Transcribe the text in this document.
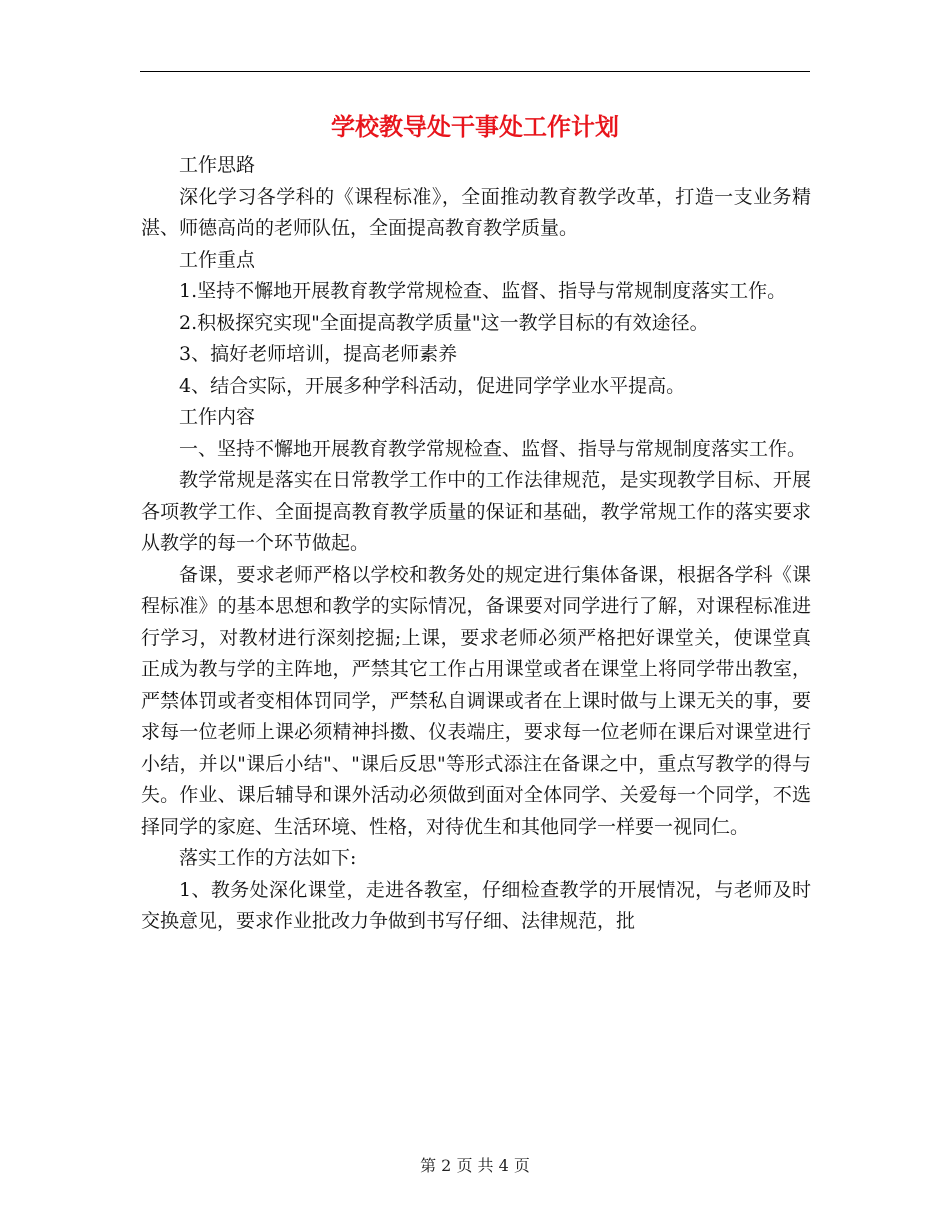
学校教导处干事处工作计划

工作思路

深化学习各学科的《课程标准》，全面推动教育教学改革，打造一支业务精湛、师德高尚的老师队伍，全面提高教育教学质量。

工作重点

1.坚持不懈地开展教育教学常规检查、监督、指导与常规制度落实工作。

2.积极探究实现"全面提高教学质量"这一教学目标的有效途径。

3、搞好老师培训，提高老师素养

4、结合实际，开展多种学科活动，促进同学学业水平提高。

工作内容

一、坚持不懈地开展教育教学常规检查、监督、指导与常规制度落实工作。

教学常规是落实在日常教学工作中的工作法律规范，是实现教学目标、开展各项教学工作、全面提高教育教学质量的保证和基础，教学常规工作的落实要求从教学的每一个环节做起。

备课，要求老师严格以学校和教务处的规定进行集体备课，根据各学科《课程标准》的基本思想和教学的实际情况，备课要对同学进行了解，对课程标准进行学习，对教材进行深刻挖掘;上课，要求老师必须严格把好课堂关，使课堂真正成为教与学的主阵地，严禁其它工作占用课堂或者在课堂上将同学带出教室，严禁体罚或者变相体罚同学，严禁私自调课或者在上课时做与上课无关的事，要求每一位老师上课必须精神抖擞、仪表端庄，要求每一位老师在课后对课堂进行小结，并以"课后小结"、"课后反思"等形式添注在备课之中，重点写教学的得与失。作业、课后辅导和课外活动必须做到面对全体同学、关爱每一个同学，不选择同学的家庭、生活环境、性格，对待优生和其他同学一样要一视同仁。

落实工作的方法如下:

1、教务处深化课堂，走进各教室，仔细检查教学的开展情况，与老师及时交换意见，要求作业批改力争做到书写仔细、法律规范，批

第 2 页 共 4 页
